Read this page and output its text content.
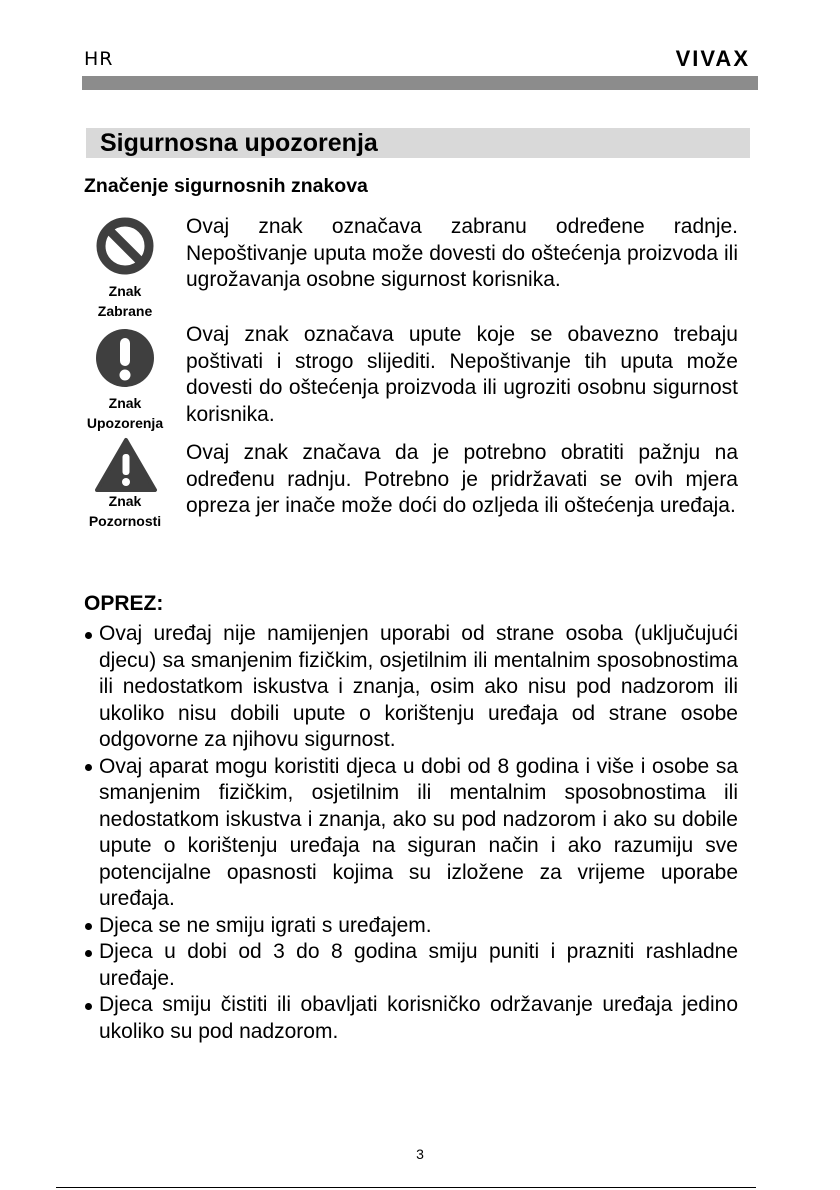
HR	VIVAX
Sigurnosna upozorenja
Značenje sigurnosnih znakova
Znak
Zabrane
Ovaj znak označava zabranu određene radnje. Nepoštivanje uputa može dovesti do oštećenja proizvoda ili ugrožavanja osobne sigurnost korisnika.
Znak
Upozorenja
Ovaj znak označava upute koje se obavezno trebaju poštivati i strogo slijediti. Nepoštivanje tih uputa može dovesti do oštećenja proizvoda ili ugroziti osobnu sigurnost korisnika.
Znak
Pozornosti
Ovaj znak značava da je potrebno obratiti pažnju na određenu radnju. Potrebno je pridržavati se ovih mjera opreza jer inače može doći do ozljeda ili oštećenja uređaja.
OPREZ:
Ovaj uređaj nije namijenjen uporabi od strane osoba (uključujući djecu) sa smanjenim fizičkim, osjetilnim ili mentalnim sposobnostima ili nedostatkom iskustva i znanja, osim ako nisu pod nadzorom ili ukoliko nisu dobili upute o korištenju uređaja od strane osobe odgovorne za njihovu sigurnost.
Ovaj aparat mogu koristiti djeca u dobi od 8 godina i više i osobe sa smanjenim fizičkim, osjetilnim ili mentalnim sposobnostima ili nedostatkom iskustva i znanja, ako su pod nadzorom i ako su dobile upute o korištenju uređaja na siguran način i ako razumiju sve potencijalne opasnosti kojima su izložene za vrijeme uporabe uređaja.
Djeca se ne smiju igrati s uređajem.
Djeca u dobi od 3 do 8 godina smiju puniti i prazniti rashladne uređaje.
Djeca smiju čistiti ili obavljati korisničko održavanje uređaja jedino ukoliko su pod nadzorom.
3
